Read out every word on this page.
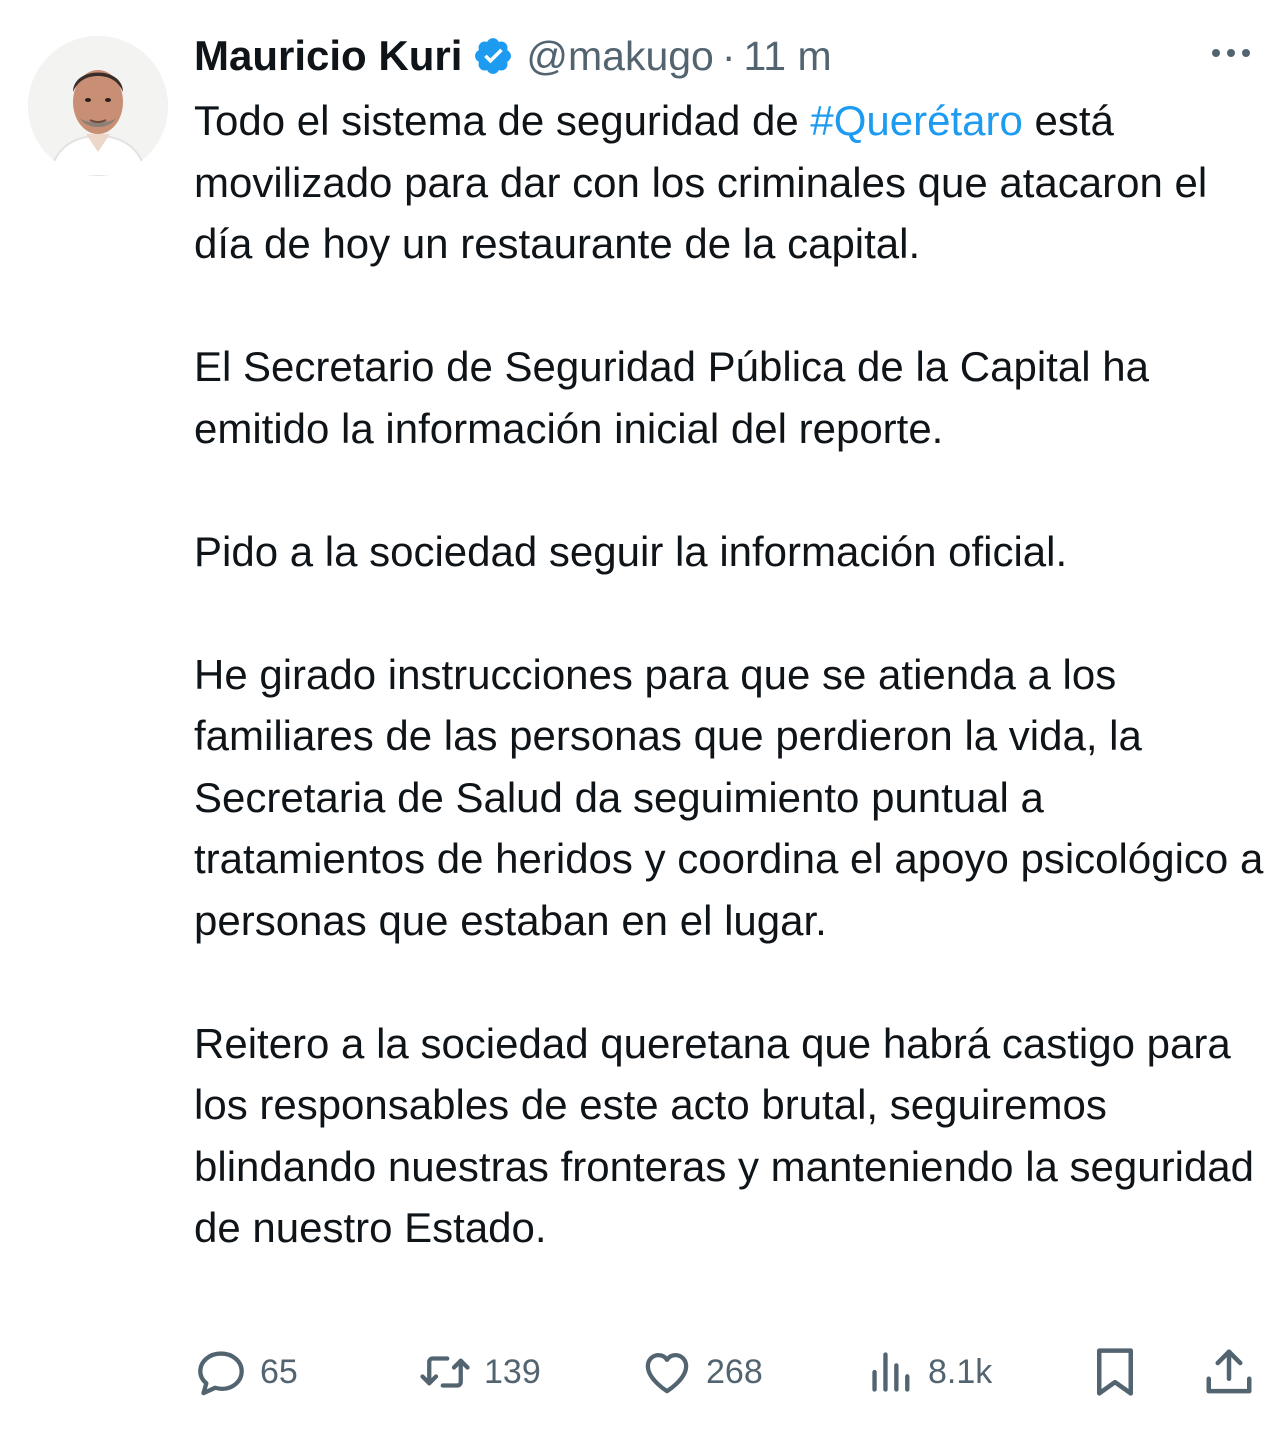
Mauricio Kuri @makugo · 11 m

Todo el sistema de seguridad de #Querétaro está movilizado para dar con los criminales que atacaron el día de hoy un restaurante de la capital.

El Secretario de Seguridad Pública de la Capital ha emitido la información inicial del reporte.

Pido a la sociedad seguir la información oficial.

He girado instrucciones para que se atienda a los familiares de las personas que perdieron la vida, la Secretaria de Salud da seguimiento puntual a tratamientos de heridos y coordina el apoyo psicológico a personas que estaban en el lugar.

Reitero a la sociedad queretana que habrá castigo para los responsables de este acto brutal, seguiremos blindando nuestras fronteras y manteniendo la seguridad de nuestro Estado.

65	139	268	8.1k
